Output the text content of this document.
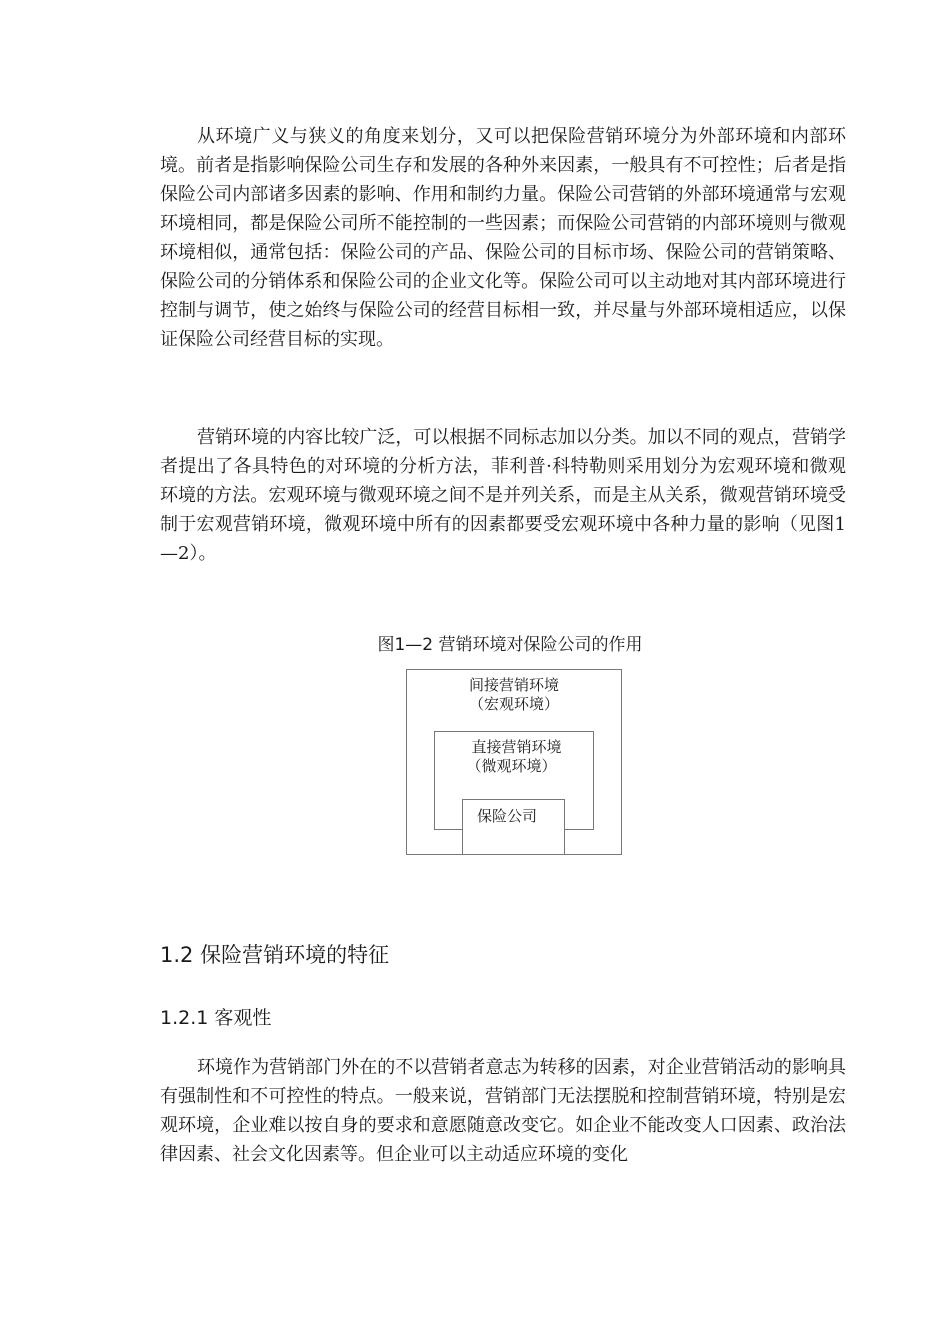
从环境广义与狭义的角度来划分，又可以把保险营销环境分为外部环境和内部环境。前者是指影响保险公司生存和发展的各种外来因素，一般具有不可控性；后者是指保险公司内部诸多因素的影响、作用和制约力量。保险公司营销的外部环境通常与宏观环境相同，都是保险公司所不能控制的一些因素；而保险公司营销的内部环境则与微观环境相似，通常包括：保险公司的产品、保险公司的目标市场、保险公司的营销策略、保险公司的分销体系和保险公司的企业文化等。保险公司可以主动地对其内部环境进行控制与调节，使之始终与保险公司的经营目标相一致，并尽量与外部环境相适应，以保证保险公司经营目标的实现。

营销环境的内容比较广泛，可以根据不同标志加以分类。加以不同的观点，营销学者提出了各具特色的对环境的分析方法，菲利普·科特勒则采用划分为宏观环境和微观环境的方法。宏观环境与微观环境之间不是并列关系，而是主从关系，微观营销环境受制于宏观营销环境，微观环境中所有的因素都要受宏观环境中各种力量的影响（见图1—2）。

图1—2 营销环境对保险公司的作用
间接营销环境
（宏观环境）
直接营销环境
（微观环境）
保险公司
1.2 保险营销环境的特征
1.2.1 客观性

环境作为营销部门外在的不以营销者意志为转移的因素，对企业营销活动的影响具有强制性和不可控性的特点。一般来说，营销部门无法摆脱和控制营销环境，特别是宏观环境，企业难以按自身的要求和意愿随意改变它。如企业不能改变人口因素、政治法律因素、社会文化因素等。但企业可以主动适应环境的变化
